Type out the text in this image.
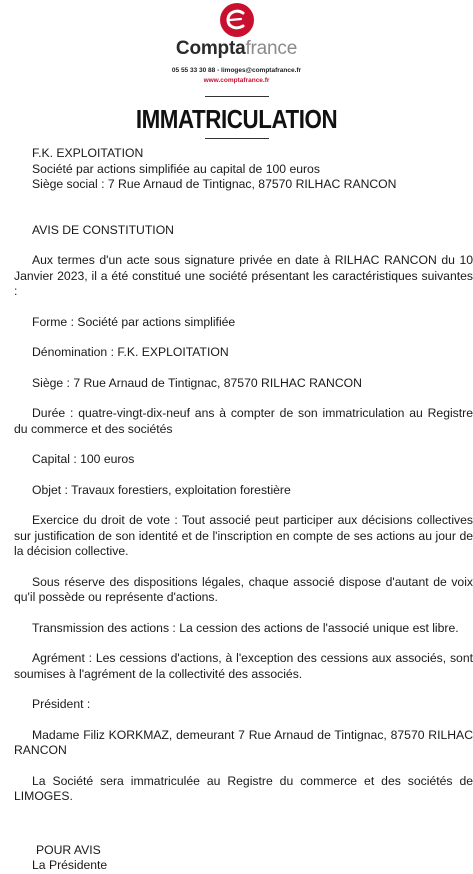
Comptafrance
05 55 33 30 88 - limoges@comptafrance.fr
www.comptafrance.fr
IMMATRICULATION

F.K. EXPLOITATION

Société par actions simplifiée au capital de 100 euros

Siège social : 7 Rue Arnaud de Tintignac, 87570 RILHAC RANCON

AVIS DE CONSTITUTION

Aux termes d'un acte sous signature privée en date à RILHAC RANCON du 10 Janvier 2023, il a été constitué une société présentant les caractéristiques suivantes :

Forme : Société par actions simplifiée

Dénomination : F.K. EXPLOITATION

Siège : 7 Rue Arnaud de Tintignac, 87570 RILHAC RANCON

Durée : quatre-vingt-dix-neuf ans à compter de son immatriculation au Registre du commerce et des sociétés

Capital : 100 euros

Objet : Travaux forestiers, exploitation forestière

Exercice du droit de vote : Tout associé peut participer aux décisions collectives sur justification de son identité et de l'inscription en compte de ses actions au jour de la décision collective.

Sous réserve des dispositions légales, chaque associé dispose d'autant de voix qu'il possède ou représente d'actions.

Transmission des actions : La cession des actions de l'associé unique est libre.

Agrément : Les cessions d'actions, à l'exception des cessions aux associés, sont soumises à l'agrément de la collectivité des associés.

Président :

Madame Filiz KORKMAZ, demeurant 7 Rue Arnaud de Tintignac, 87570 RILHAC RANCON

La Société sera immatriculée au Registre du commerce et des sociétés de LIMOGES.

POUR AVIS

La Présidente
